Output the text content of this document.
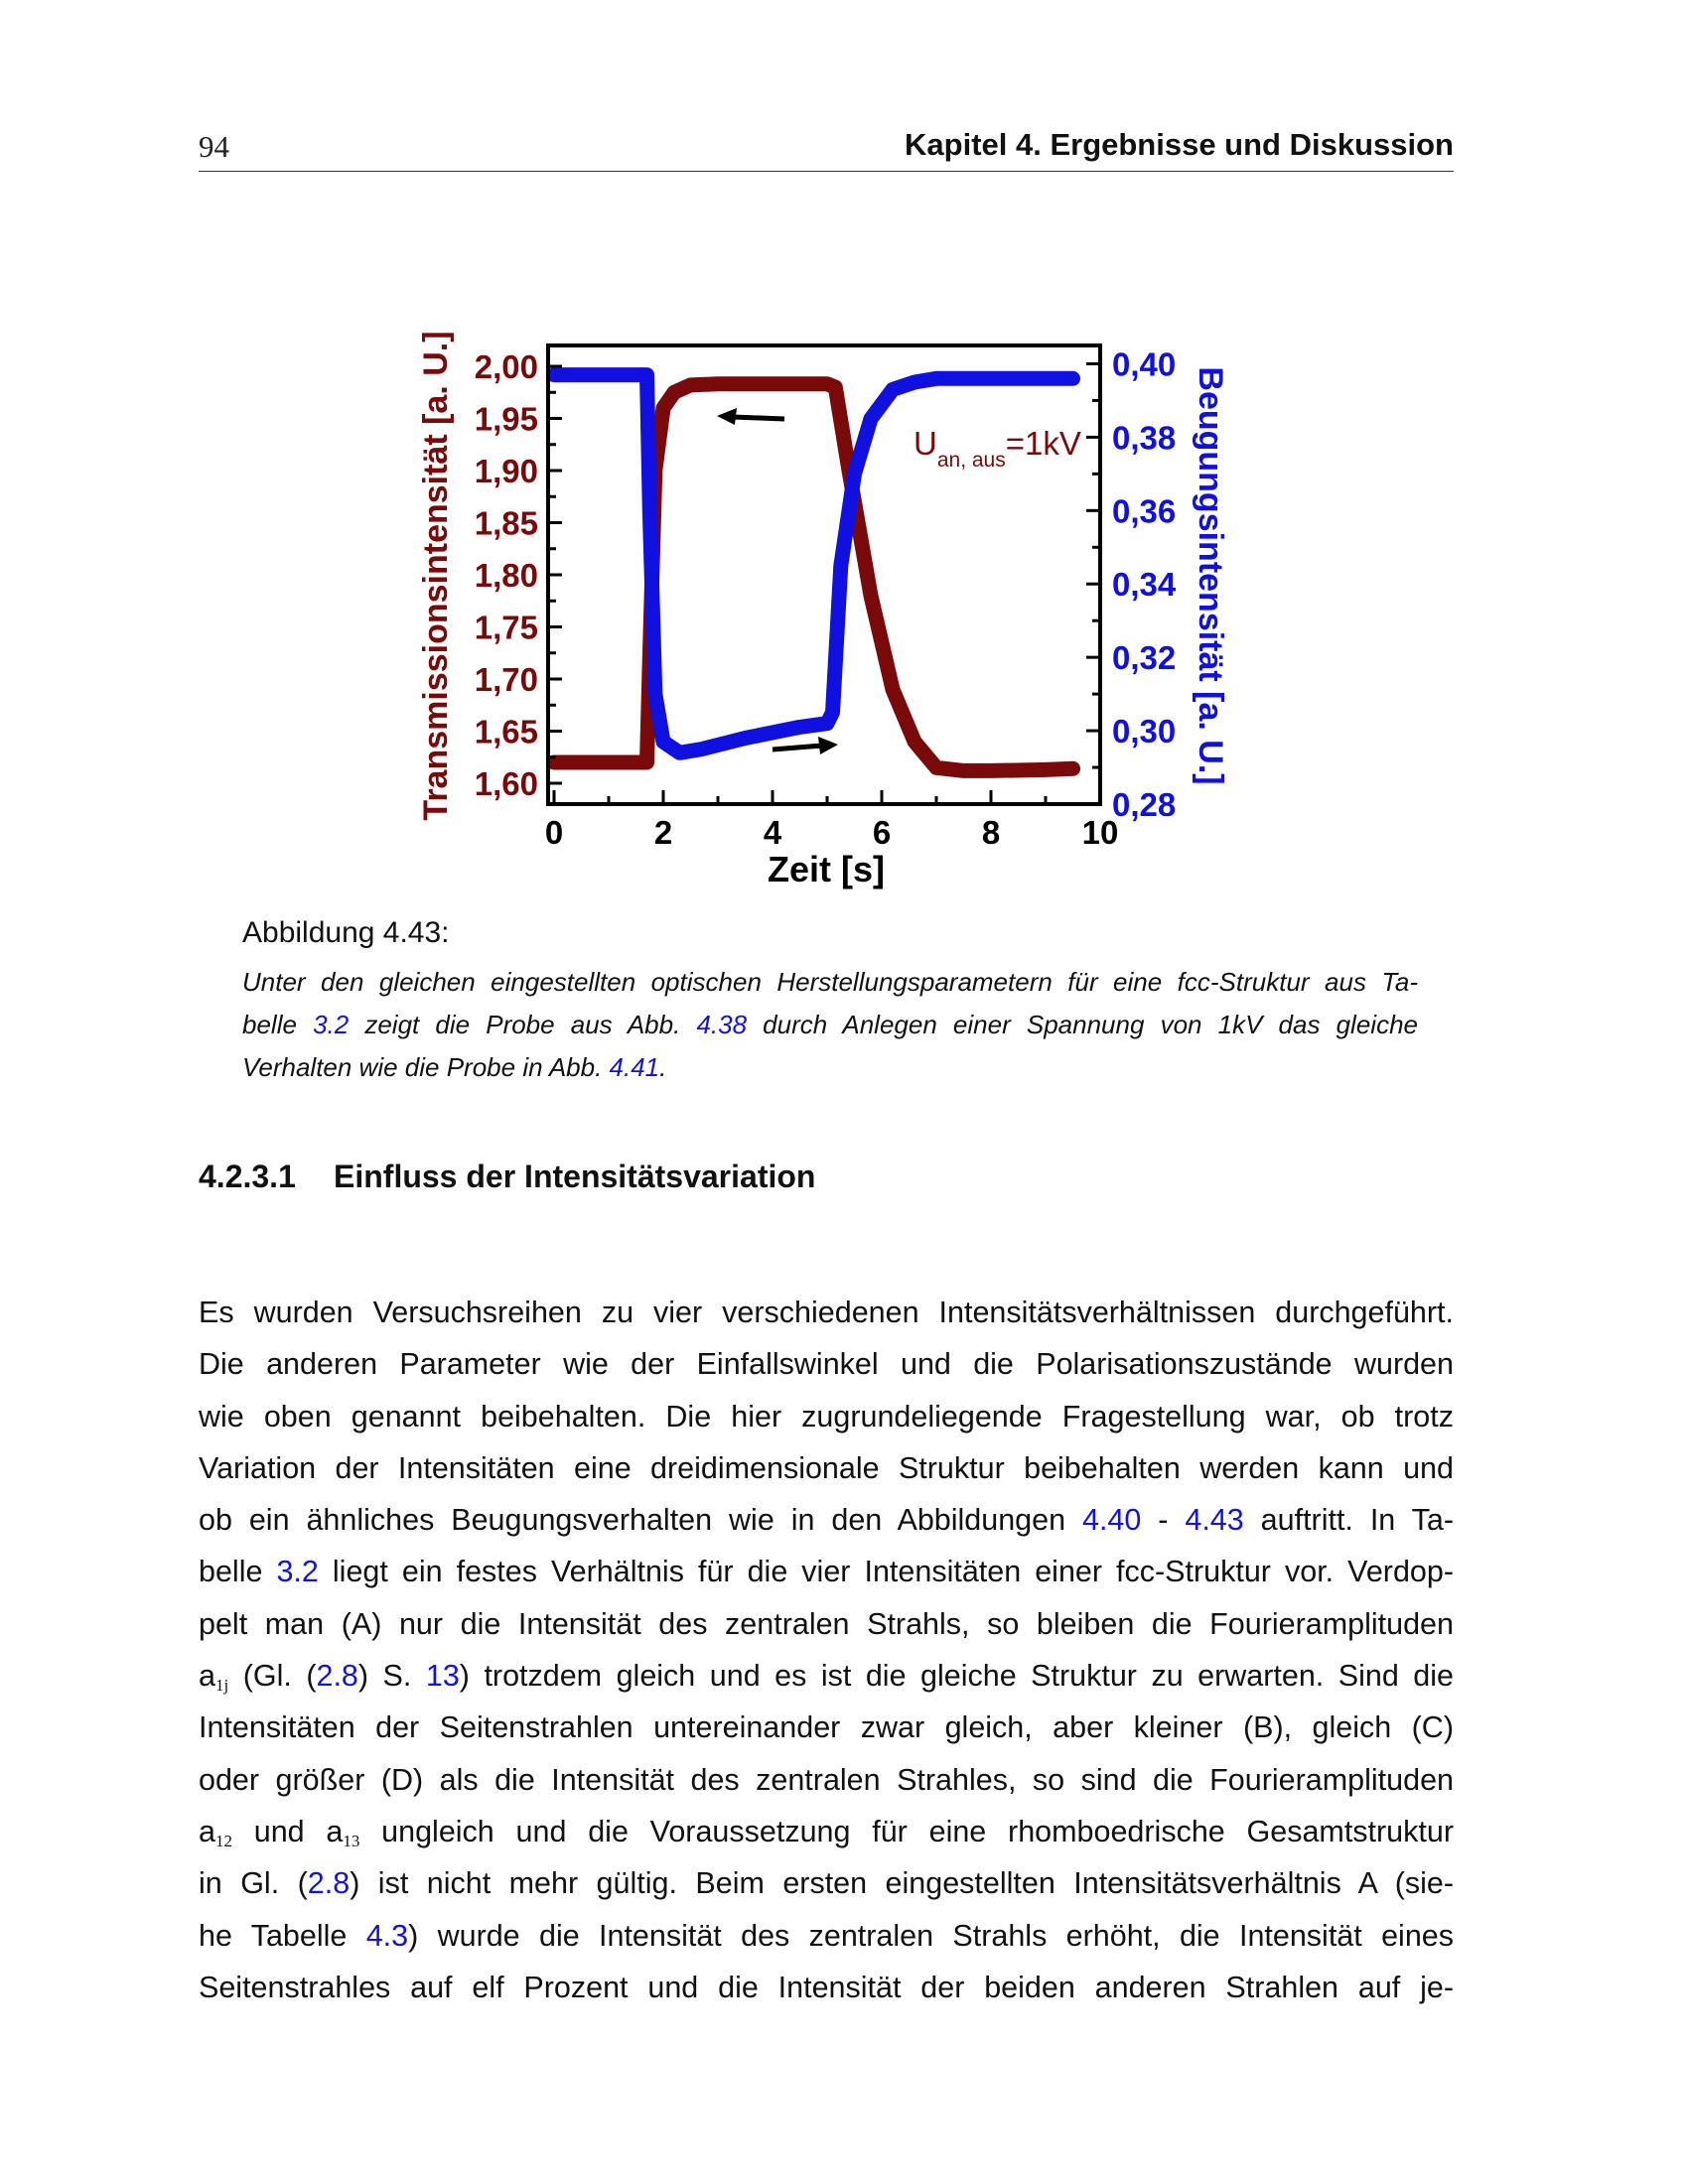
94	Kapitel 4. Ergebnisse und Diskussion
0	2	4	6	8 10
1,60
1,65
1,70
1,75
1,80
1,85
1,90
1,95
2,00
0,28
0,30
0,32
0,34
0,36
0,38
0,40
$U_{an, aus}=1kV$
Zeit [s]
Transmissionsintensität [a. U.]	Beugungsintensität [a. U.]
Abbildung 4.43:
Unter den gleichen eingestellten optischen Herstellungsparametern für eine fcc-Struktur aus Ta-
belle 3.2 zeigt die Probe aus Abb. 4.38 durch Anlegen einer Spannung von 1kV das gleiche
Verhalten wie die Probe in Abb. 4.41.
4.2.3.1 Einfluss der Intensitätsvariation
Es wurden Versuchsreihen zu vier verschiedenen Intensitätsverhältnissen durchgeführt.
Die anderen Parameter wie der Einfallswinkel und die Polarisationszustände wurden
wie oben genannt beibehalten. Die hier zugrundeliegende Fragestellung war, ob trotz
Variation der Intensitäten eine dreidimensionale Struktur beibehalten werden kann und
ob ein ähnliches Beugungsverhalten wie in den Abbildungen 4.40 - 4.43 auftritt. In Ta-
belle 3.2 liegt ein festes Verhältnis für die vier Intensitäten einer fcc-Struktur vor. Verdop-
pelt man (A) nur die Intensität des zentralen Strahls, so bleiben die Fourieramplituden
$a_{1j}$ (Gl. (2.8) S. 13) trotzdem gleich und es ist die gleiche Struktur zu erwarten. Sind die
Intensitäten der Seitenstrahlen untereinander zwar gleich, aber kleiner (B), gleich (C)
oder größer (D) als die Intensität des zentralen Strahles, so sind die Fourieramplituden
$a_{12}$ und $a_{13}$ ungleich und die Voraussetzung für eine rhomboedrische Gesamtstruktur
in Gl. (2.8) ist nicht mehr gültig. Beim ersten eingestellten Intensitätsverhältnis A (sie-
he Tabelle 4.3) wurde die Intensität des zentralen Strahls erhöht, die Intensität eines
Seitenstrahles auf elf Prozent und die Intensität der beiden anderen Strahlen auf je-
